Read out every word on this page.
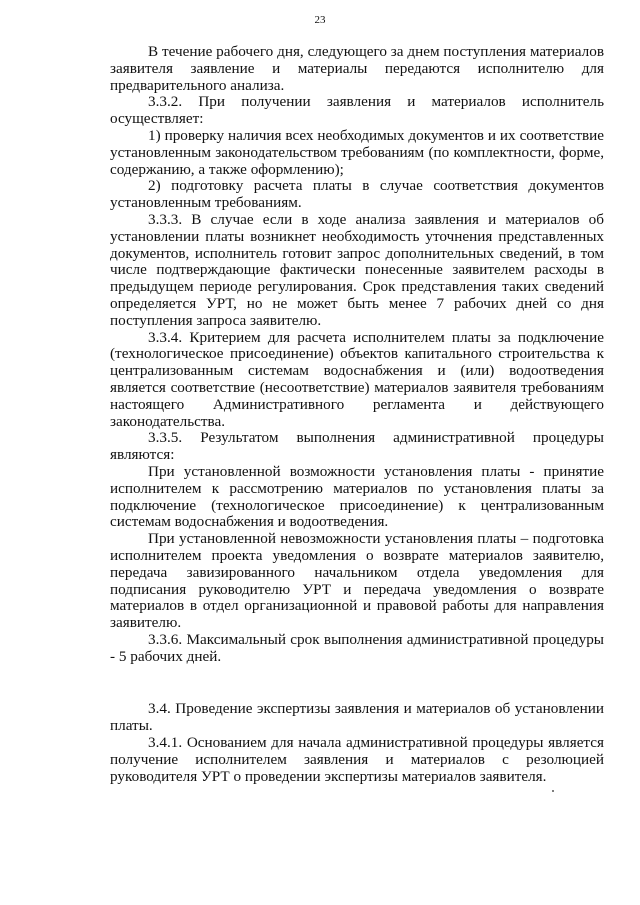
23

В течение рабочего дня, следующего за днем поступления материалов заявителя заявление и материалы передаются исполнителю для предварительного анализа.

3.3.2. При получении заявления и материалов исполнитель осуществляет:

1) проверку наличия всех необходимых документов и их соответствие установленным законодательством требованиям (по комплектности, форме, содержанию, а также оформлению);

2) подготовку расчета платы в случае соответствия документов установленным требованиям.

3.3.3. В случае если в ходе анализа заявления и материалов об установлении платы возникнет необходимость уточнения представленных документов, исполнитель готовит запрос дополнительных сведений, в том числе подтверждающие фактически понесенные заявителем расходы в предыдущем периоде регулирования. Срок представления таких сведений определяется УРТ, но не может быть менее 7 рабочих дней со дня поступления запроса заявителю.

3.3.4. Критерием для расчета исполнителем платы за подключение (технологическое присоединение) объектов капитального строительства к централизованным системам водоснабжения и (или) водоотведения является соответствие (несоответствие) материалов заявителя требованиям настоящего Административного регламента и действующего законодательства.

3.3.5. Результатом выполнения административной процедуры являются:

При установленной возможности установления платы - принятие исполнителем к рассмотрению материалов по установления платы за подключение (технологическое присоединение) к централизованным системам водоснабжения и водоотведения.

При установленной невозможности установления платы – подготовка исполнителем проекта уведомления о возврате материалов заявителю, передача завизированного начальником отдела уведомления для подписания руководителю УРТ и передача уведомления о возврате материалов в отдел организационной и правовой работы для направления заявителю.

3.3.6. Максимальный срок выполнения административной процедуры - 5 рабочих дней.

3.4. Проведение экспертизы заявления и материалов об установлении платы.

3.4.1. Основанием для начала административной процедуры является получение исполнителем заявления и материалов с резолюцией руководителя УРТ о проведении экспертизы материалов заявителя.
